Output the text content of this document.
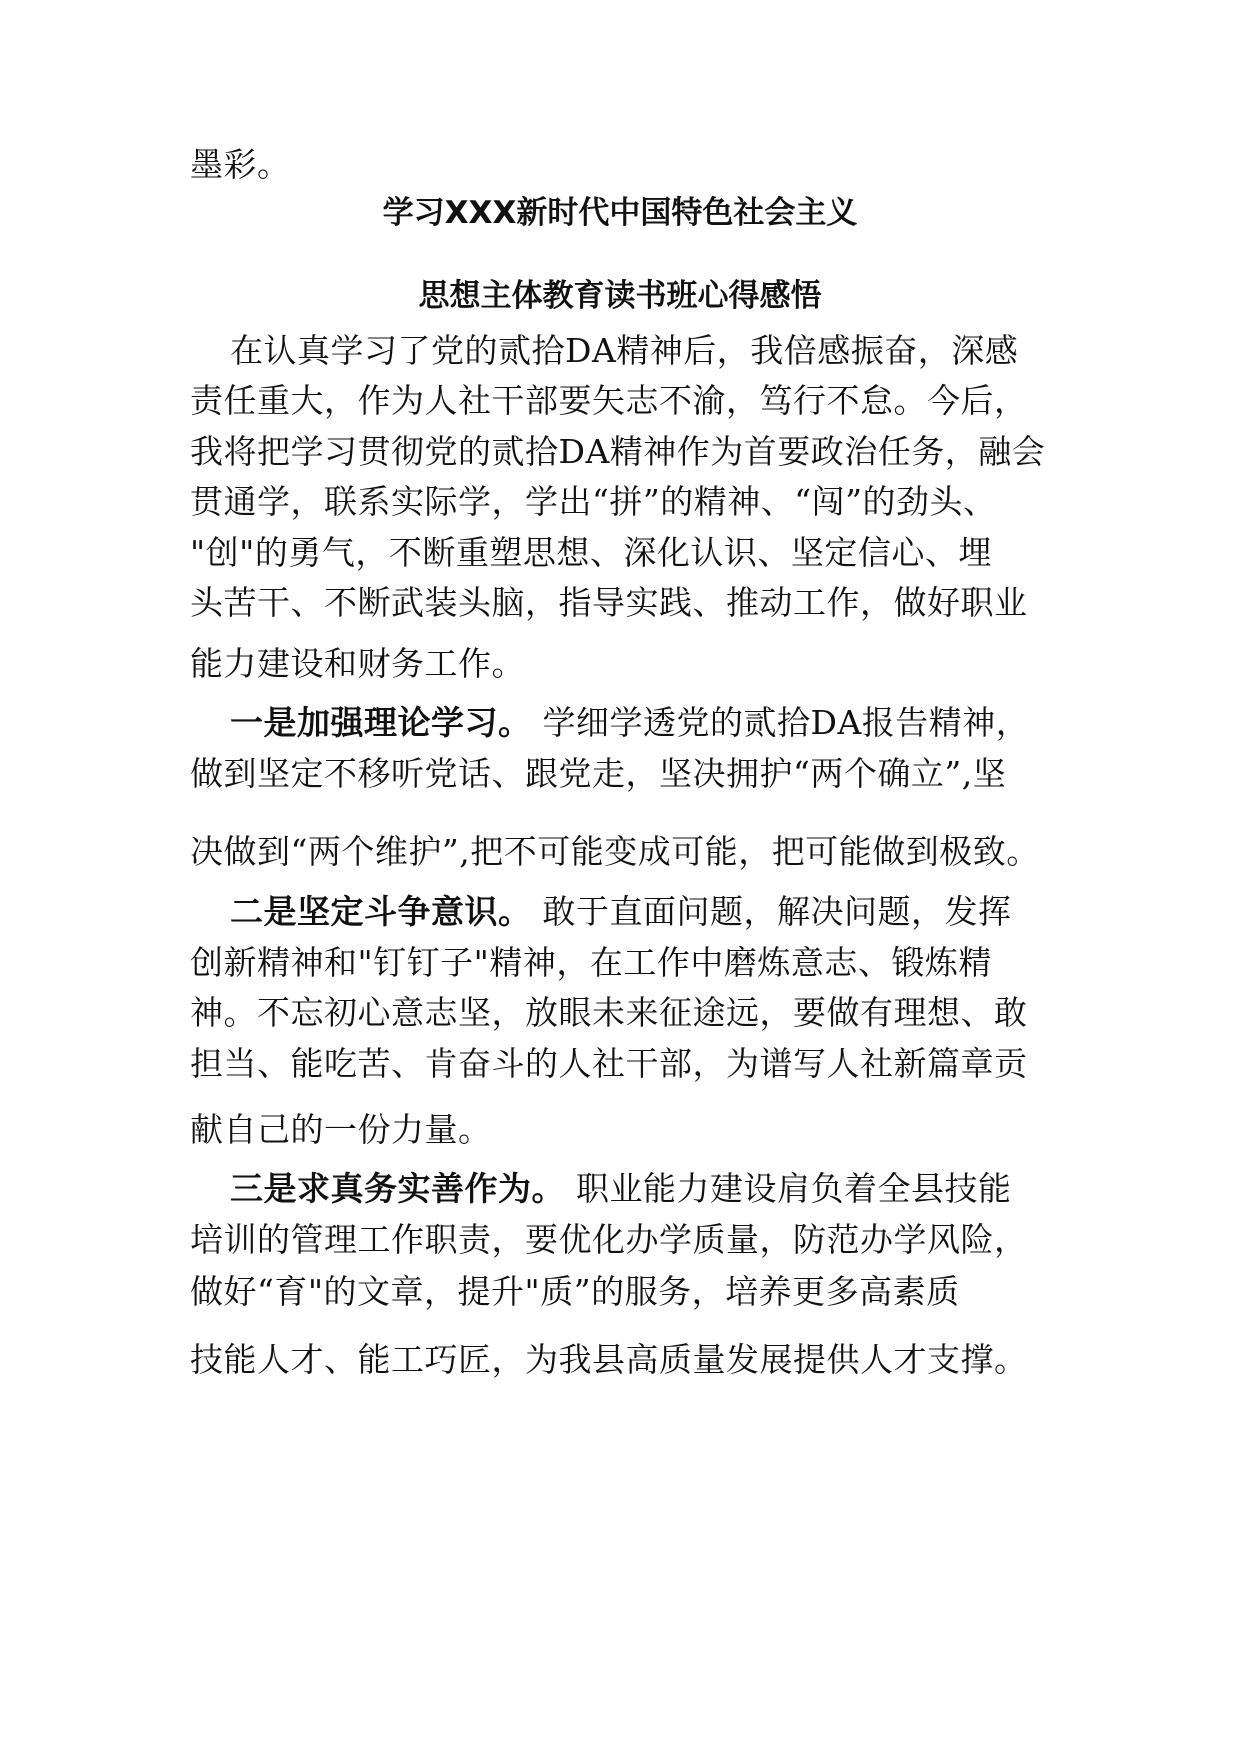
墨彩。
学习XXX新时代中国特色社会主义
思想主体教育读书班心得感悟
在认真学习了党的贰拾DA精神后，我倍感振奋，深感
责任重大，作为人社干部要矢志不渝，笃行不怠。今后，
我将把学习贯彻党的贰拾DA精神作为首要政治任务，融会
贯通学，联系实际学，学出“拼”的精神、“闯”的劲头、
"创"的勇气，不断重塑思想、深化认识、坚定信心、埋
头苦干、不断武装头脑，指导实践、推动工作，做好职业
能力建设和财务工作。
一是加强理论学习。 学细学透党的贰拾DA报告精神，
做到坚定不移听党话、跟党走，坚决拥护“两个确立”,坚
决做到“两个维护”,把不可能变成可能，把可能做到极致。
二是坚定斗争意识。 敢于直面问题，解决问题，发挥
创新精神和"钉钉子"精神，在工作中磨炼意志、锻炼精
神。不忘初心意志坚，放眼未来征途远，要做有理想、敢
担当、能吃苦、肯奋斗的人社干部，为谱写人社新篇章贡
献自己的一份力量。
三是求真务实善作为。 职业能力建设肩负着全县技能
培训的管理工作职责，要优化办学质量，防范办学风险，
做好“育"的文章，提升"质”的服务，培养更多高素质
技能人才、能工巧匠，为我县高质量发展提供人才支撑。
